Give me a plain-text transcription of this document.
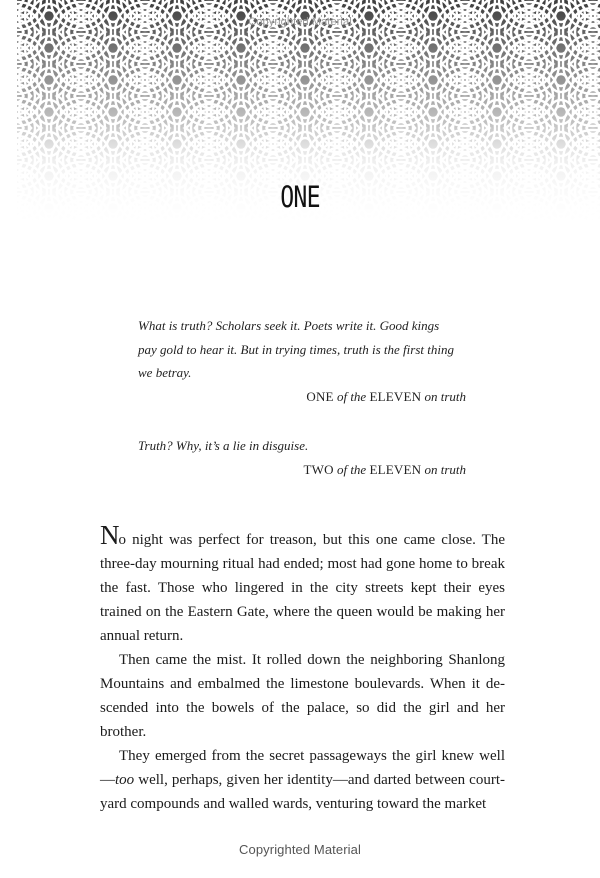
Copyrighted Material
ONE
What is truth? Scholars seek it. Poets write it. Good kings
pay gold to hear it. But in trying times, truth is the first thing
we betray.
ONE of the ELEVEN on truth
Truth? Why, it’s a lie in disguise.
TWO of the ELEVEN on truth

No night was perfect for treason, but this one came close. The three-day mourning ritual had ended; most had gone home to break the fast. Those who lingered in the city streets kept their eyes trained on the Eastern Gate, where the queen would be making her annual return.

Then came the mist. It rolled down the neighboring Shanlong Mountains and embalmed the limestone boulevards. When it descended into the bowels of the palace, so did the girl and her brother.

They emerged from the secret passageways the girl knew well—too well, perhaps, given her identity—and darted between courtyard compounds and walled wards, venturing toward the market

Copyrighted Material
